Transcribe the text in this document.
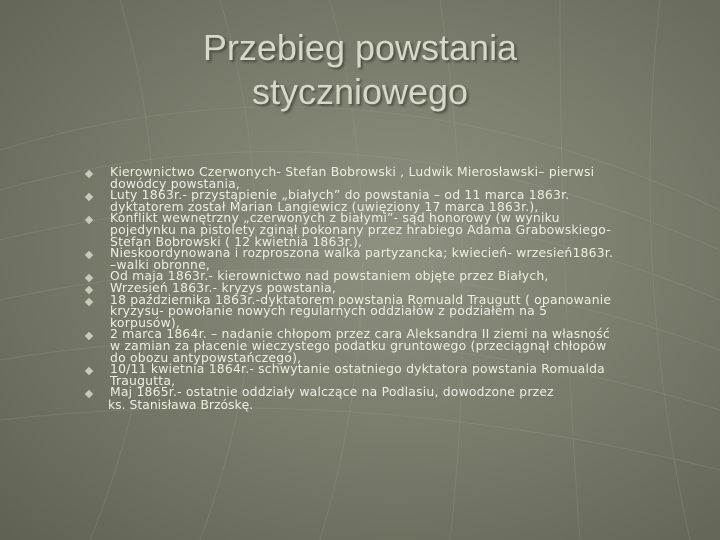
Przebieg powstania
styczniowego
Kierownictwo Czerwonych- Stefan Bobrowski , Ludwik Mierosławski– pierwsi
dowódcy powstania,
Luty 1863r.- przystąpienie „białych” do powstania – od 11 marca 1863r.
dyktatorem został Marian Langiewicz (uwięziony 17 marca 1863r.),
Konflikt wewnętrzny „czerwonych z białymi”- sąd honorowy (w wyniku
pojedynku na pistolety zginął pokonany przez hrabiego Adama Grabowskiego-
Stefan Bobrowski ( 12 kwietnia 1863r.),
Nieskoordynowana i rozproszona walka partyzancka; kwiecień- wrzesień1863r.
–walki obronne,
Od maja 1863r.- kierownictwo nad powstaniem objęte przez Białych,
Wrzesień 1863r.- kryzys powstania,
18 października 1863r.-dyktatorem powstania Romuald Traugutt ( opanowanie
kryzysu- powołanie nowych regularnych oddziałów z podziałem na 5
korpusów),
2 marca 1864r. – nadanie chłopom przez cara Aleksandra II ziemi na własność
w zamian za płacenie wieczystego podatku gruntowego (przeciągnął chłopów
do obozu antypowstańczego),
10/11 kwietnia 1864r.- schwytanie ostatniego dyktatora powstania Romualda
Traugutta,
Maj 1865r.- ostatnie oddziały walczące na Podlasiu, dowodzone przez
ks. Stanisława Brzóskę.
